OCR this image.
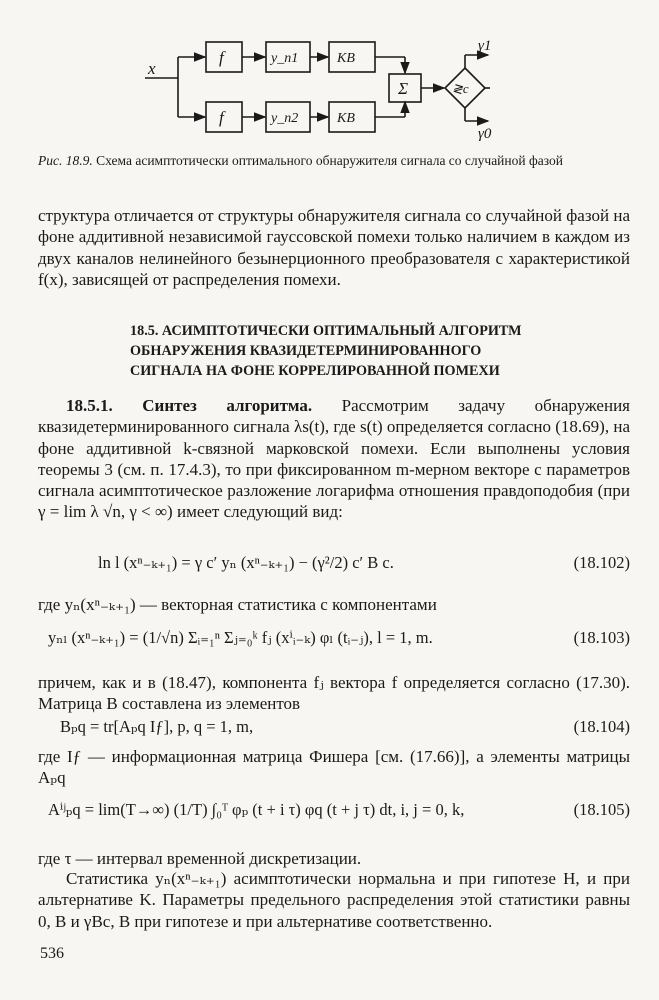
x
f	y_n1	KB
f	y_n2	KB
Σ	≷c
γ1
γ0
Рис. 18.9. Схема асимптотически оптимального обнаружителя сигнала со случайной фазой
структура отличается от структуры обнаружителя сигнала со случайной фазой на фоне аддитивной независимой гауссовской помехи только наличием в каждом из двух каналов нелинейного безынерционного преобразователя с характеристикой f(x), зависящей от распределения помехи.
18.5. АСИМПТОТИЧЕСКИ ОПТИМАЛЬНЫЙ АЛГОРИТМ
ОБНАРУЖЕНИЯ КВАЗИДЕТЕРМИНИРОВАННОГО
СИГНАЛА НА ФОНЕ КОРРЕЛИРОВАННОЙ ПОМЕХИ
18.5.1. Синтез алгоритма. Рассмотрим задачу обнаружения квазидетерминированного сигнала λs(t), где s(t) определяется согласно (18.69), на фоне аддитивной k-связной марковской помехи. Если выполнены условия теоремы 3 (см. п. 17.4.3), то при фиксированном m-мерном векторе c параметров сигнала асимптотическое разложение логарифма отношения правдоподобия (при γ = lim λ √n, γ < ∞) имеет следующий вид:
ln l (xⁿ₋ₖ₊₁) = γ c′ yₙ (xⁿ₋ₖ₊₁) − (γ²/2) c′ B c.	(18.102)
где yₙ(xⁿ₋ₖ₊₁) — векторная статистика с компонентами
yₙₗ (xⁿ₋ₖ₊₁) = (1/√n) Σᵢ₌₁ⁿ Σⱼ₌₀ᵏ fⱼ (xⁱᵢ₋ₖ) φₗ (tᵢ₋ⱼ), l = 1, m.	(18.103)
причем, как и в (18.47), компонента fⱼ вектора f определяется согласно (17.30). Матрица B составлена из элементов
Bₚq = tr[Aₚq Iƒ], p, q = 1, m,	(18.104)
где Iƒ — информационная матрица Фишера [см. (17.66)], а элементы матрицы Aₚq
Aⁱʲₚq = lim(T→∞) (1/T) ∫₀ᵀ φₚ (t + i τ) φq (t + j τ) dt, i, j = 0, k,	(18.105)
где τ — интервал временной дискретизации.
Статистика yₙ(xⁿ₋ₖ₊₁) асимптотически нормальна и при гипотезе H, и при альтернативе K. Параметры предельного распределения этой статистики равны 0, B и γBc, B при гипотезе и при альтернативе соответственно.
536
